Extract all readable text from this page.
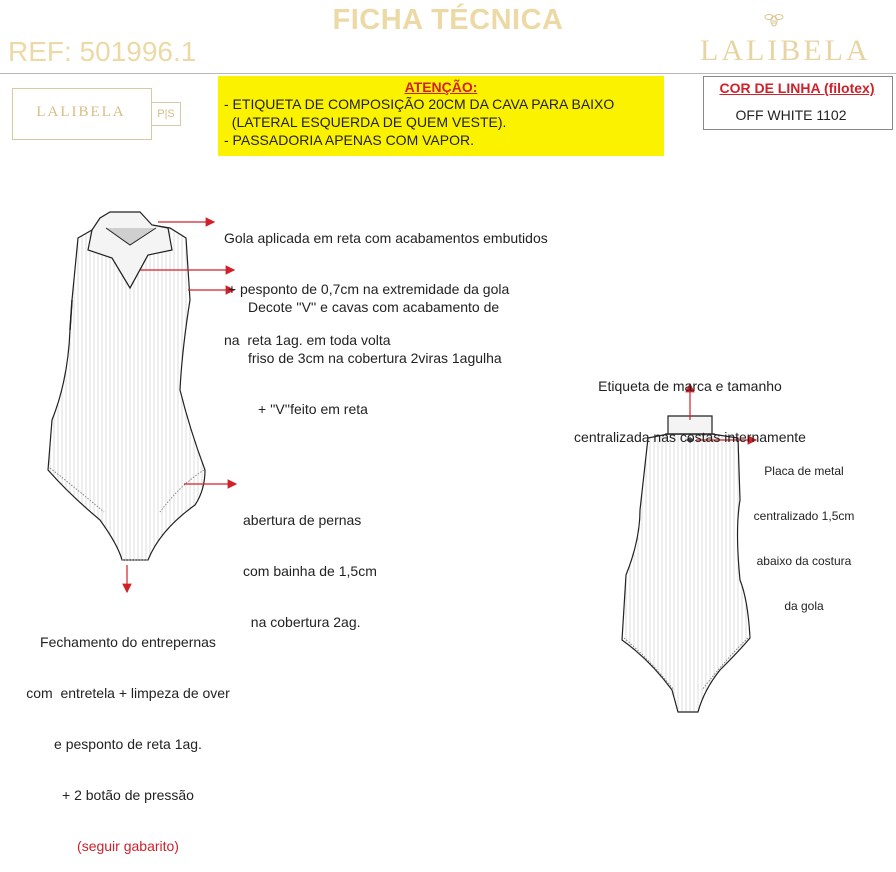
FICHA TÉCNICA
REF: 501996.1	LALIBELA
LALIBELA	P|S
ATENÇÃO:
- ETIQUETA DE COMPOSIÇÃO 20CM DA CAVA PARA BAIXO
(LATERAL ESQUERDA DE QUEM VESTE).
- PASSADORIA APENAS COM VAPOR.
COR DE LINHA (filotex)
OFF WHITE 1102

Gola aplicada em reta com acabamentos embutidos

+ pesponto de 0,7cm na extremidade da gola

na  reta 1ag. em toda volta

Decote ''V'' e cavas com acabamento de

friso de 3cm na cobertura 2viras 1agulha

+ ''V''feito em reta

abertura de pernas

com bainha de 1,5cm

na cobertura 2ag.

Fechamento do entrepernas

com  entretela + limpeza de over

e pesponto de reta 1ag.

+ 2 botão de pressão

(seguir gabarito)

Etiqueta de marca e tamanho

centralizada nas costas internamente

Placa de metal

centralizado 1,5cm

abaixo da costura

da gola
